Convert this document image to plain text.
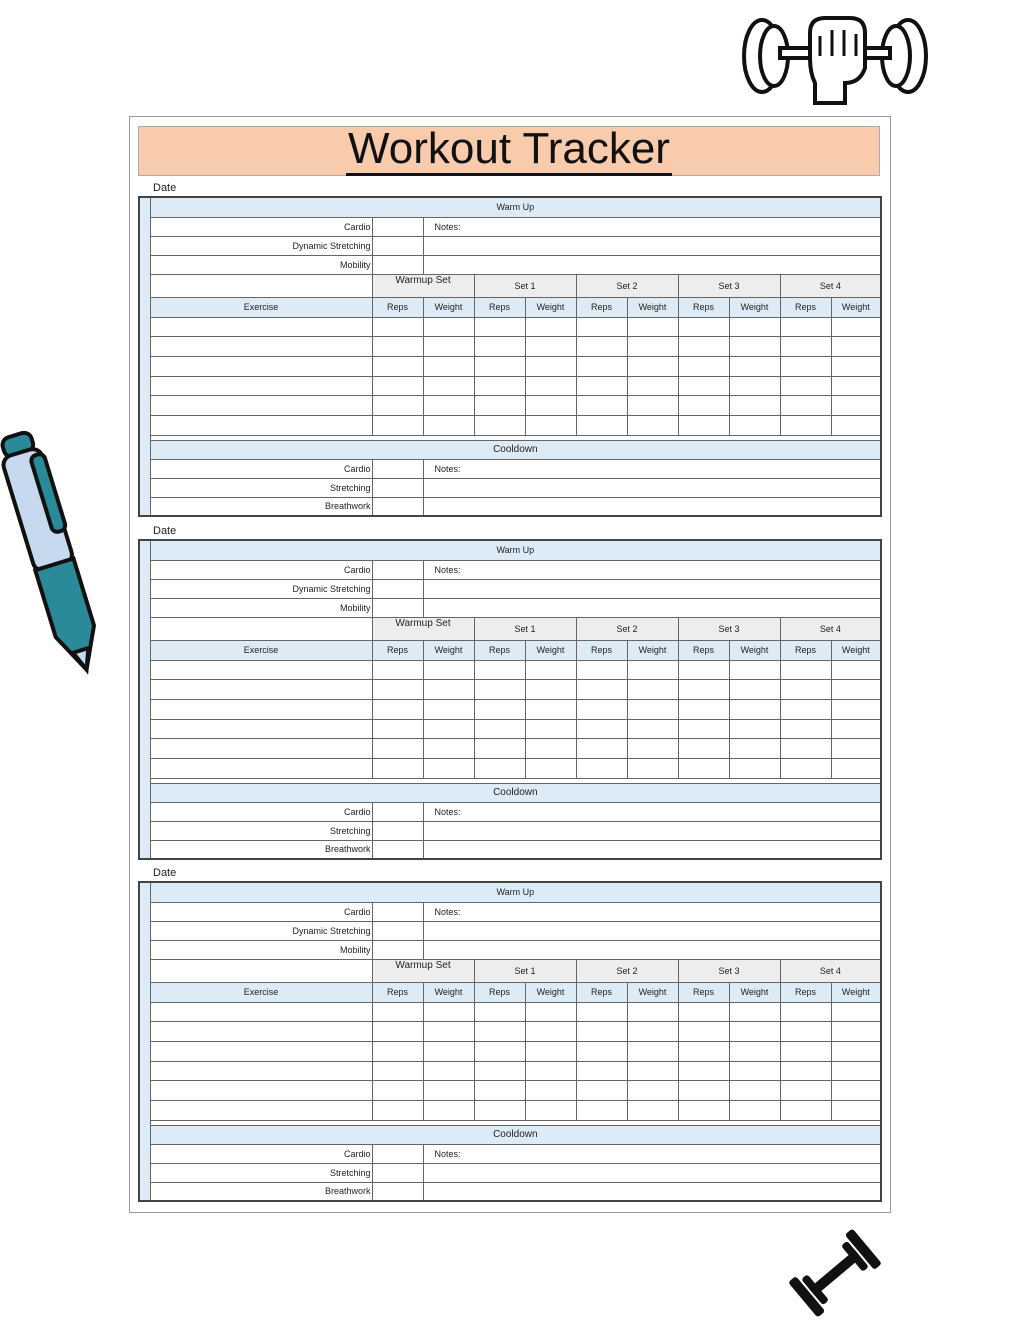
Workout Tracker
Date
	Warm Up										
	Cardio		Notes:								
	Dynamic Stretching										
	Mobility										
		Warmup Set		Set 1		Set 2		Set 3		Set 4	
	Exercise	Reps	Weight	Reps	Weight	Reps	Weight	Reps	Weight	Reps	Weight

	Cooldown										
	Cardio		Notes:								
	Stretching										
	Breathwork										
Date
	Warm Up										
	Cardio		Notes:								
	Dynamic Stretching										
	Mobility										
		Warmup Set		Set 1		Set 2		Set 3		Set 4	
	Exercise	Reps	Weight	Reps	Weight	Reps	Weight	Reps	Weight	Reps	Weight

	Cooldown										
	Cardio		Notes:								
	Stretching										
	Breathwork										
Date
	Warm Up										
	Cardio		Notes:								
	Dynamic Stretching										
	Mobility										
		Warmup Set		Set 1		Set 2		Set 3		Set 4	
	Exercise	Reps	Weight	Reps	Weight	Reps	Weight	Reps	Weight	Reps	Weight

	Cooldown										
	Cardio		Notes:								
	Stretching										
	Breathwork										
